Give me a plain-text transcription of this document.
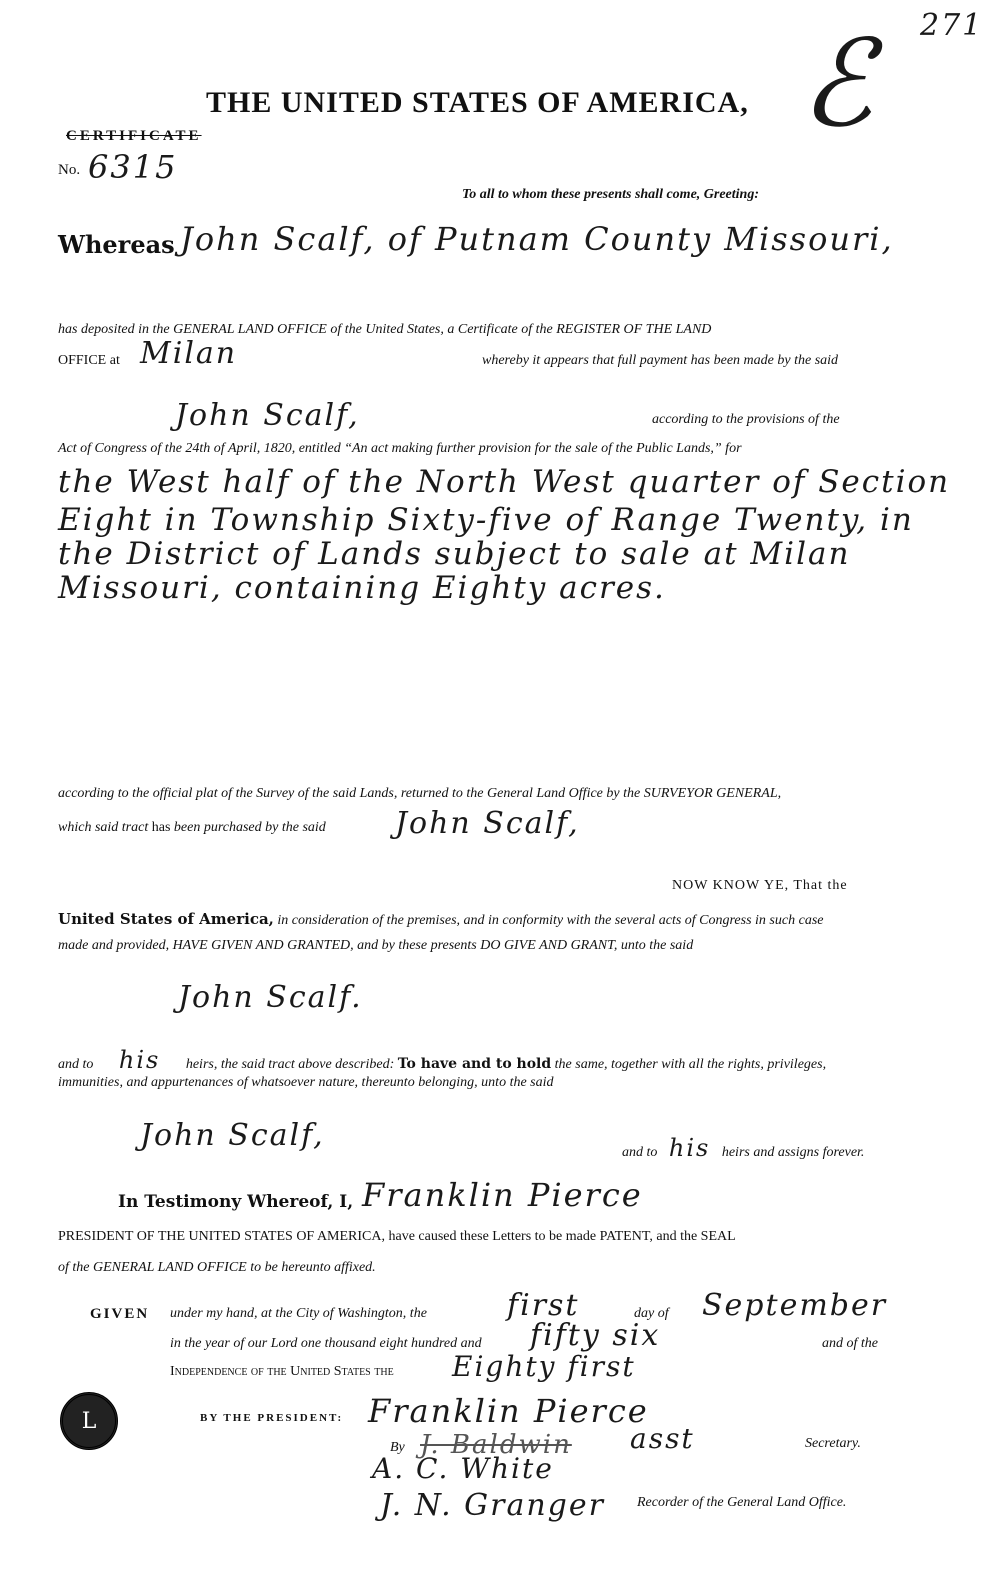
271
ℰ
THE UNITED STATES OF AMERICA,
CERTIFICATE
No. 6315
To all to whom these presents shall come, Greeting:
Whereas John Scalf, of Putnam County Missouri,
has deposited in the GENERAL LAND OFFICE of the United States, a Certificate of the REGISTER OF THE LAND
OFFICE at Milan	whereby it appears that full payment has been made by the said
John Scalf,	according to the provisions of the
Act of Congress of the 24th of April, 1820, entitled “An act making further provision for the sale of the Public Lands,” for
the West half of the North West quarter of Section
Eight in Township Sixty-five of Range Twenty, in
the District of Lands subject to sale at Milan
Missouri, containing Eighty acres.
according to the official plat of the Survey of the said Lands, returned to the General Land Office by the SURVEYOR GENERAL,
which said tract has been purchased by the said John Scalf,
NOW KNOW YE, That the
United States of America, in consideration of the premises, and in conformity with the several acts of Congress in such case
made and provided, HAVE GIVEN AND GRANTED, and by these presents DO GIVE AND GRANT, unto the said
John Scalf.
and to his heirs, the said tract above described: To have and to hold the same, together with all the rights, privileges,
immunities, and appurtenances of whatsoever nature, thereunto belonging, unto the said
John Scalf,	and to his heirs and assigns forever.
In Testimony Whereof, I, Franklin Pierce
PRESIDENT OF THE UNITED STATES OF AMERICA, have caused these Letters to be made PATENT, and the SEAL
of the GENERAL LAND OFFICE to be hereunto affixed.
GIVEN under my hand, at the City of Washington, the	first	day of September
in the year of our Lord one thousand eight hundred and fifty six	and of the
Independence of the United States the Eighty first
L	BY THE PRESIDENT: Franklin Pierce
By J. Baldwin asst	Secretary.
A. C. White
J. N. Granger Recorder of the General Land Office.
